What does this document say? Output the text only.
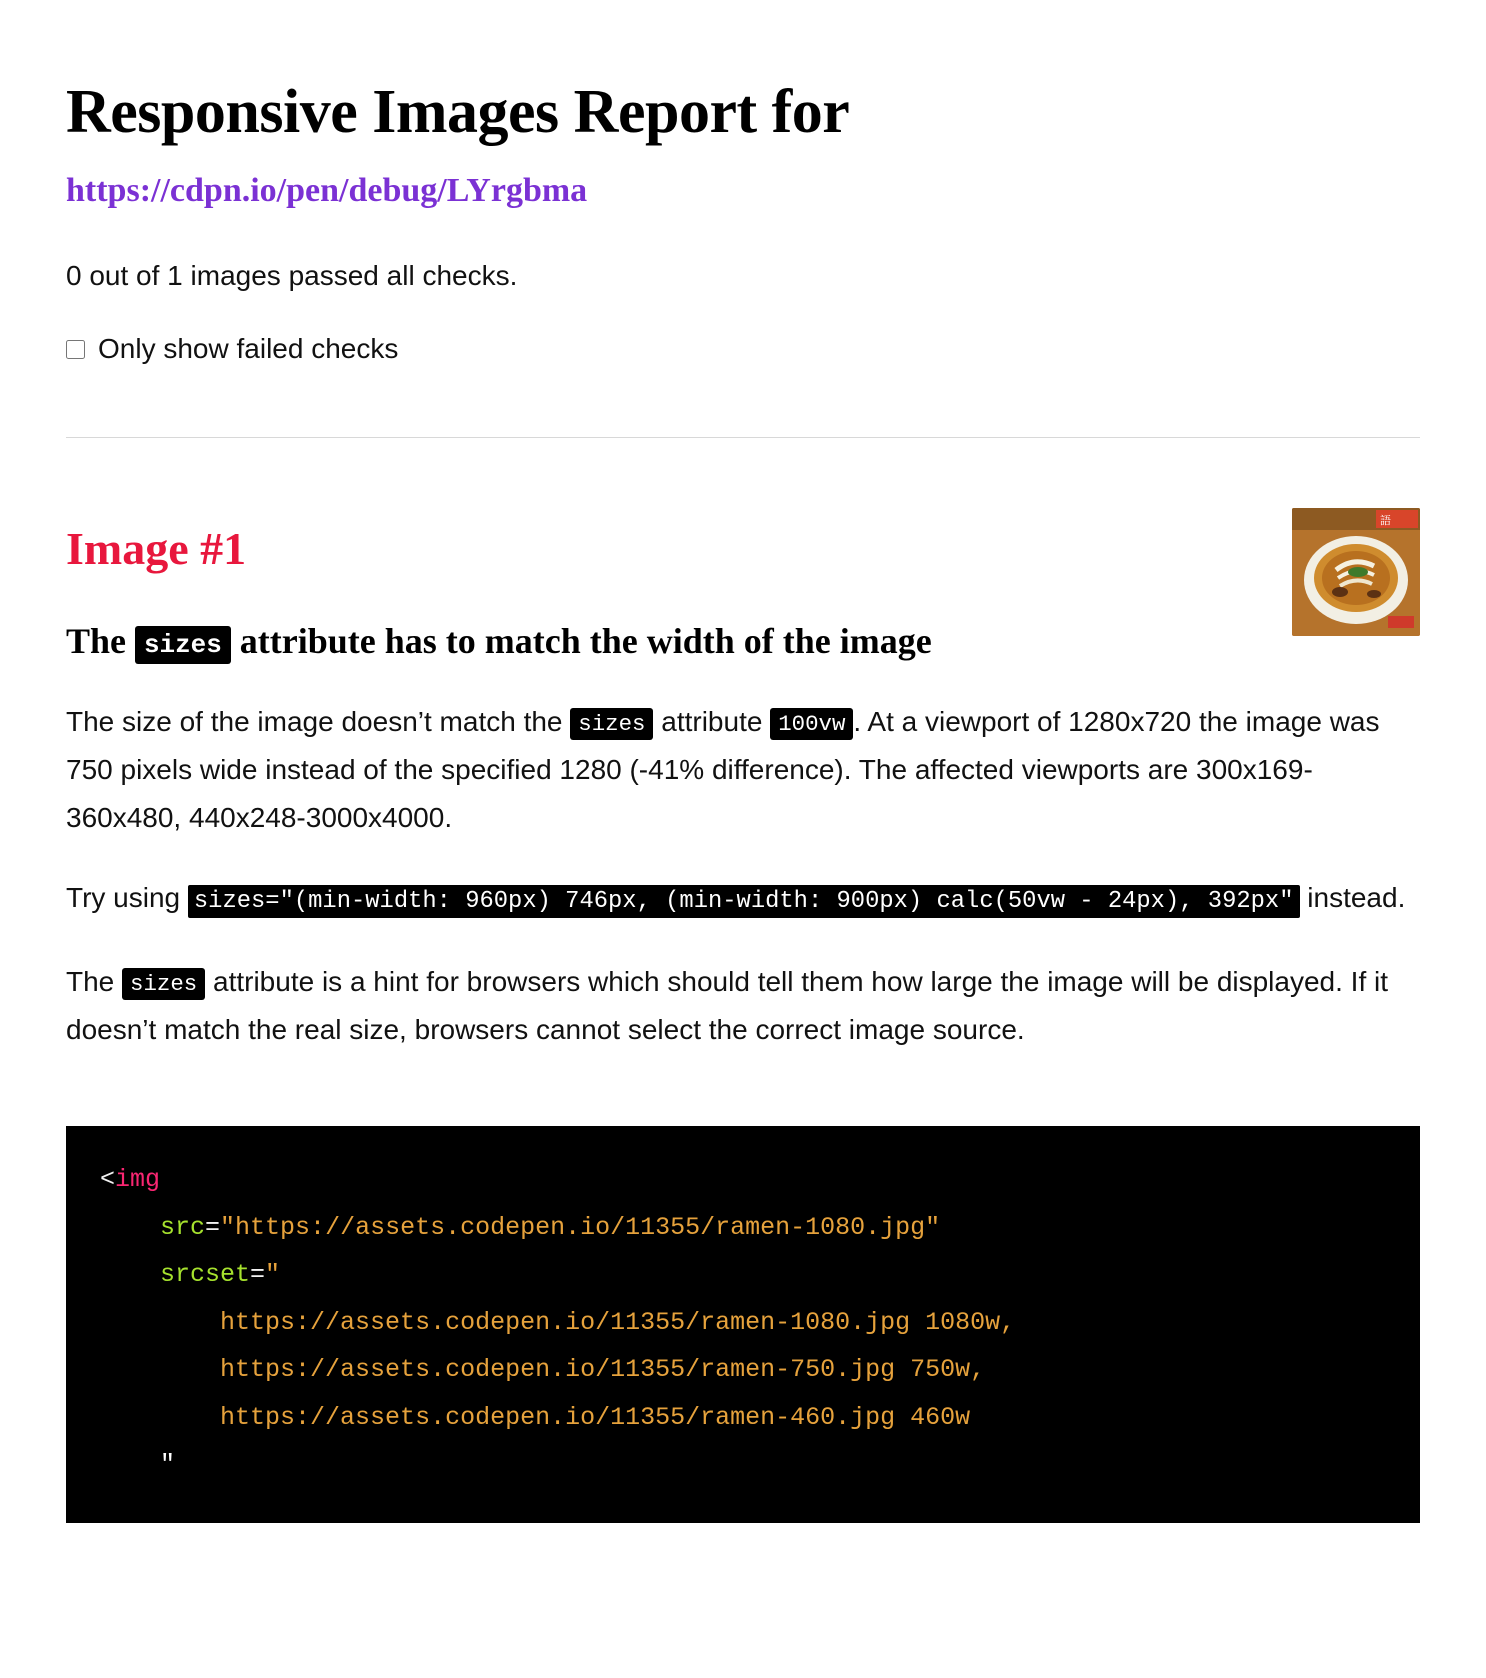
Responsive Images Report for
https://cdpn.io/pen/debug/LYrgbma

0 out of 1 images passed all checks.

Only show failed checks
語
Image #1
The sizes attribute has to match the width of the image

The size of the image doesn’t match the sizes attribute 100vw . At a viewport of 1280x720 the image was 750 pixels wide instead of the specified 1280 (-41% difference). The affected viewports are 300x169-360x480, 440x248-3000x4000.

Try using sizes="(min-width: 960px) 746px, (min-width: 900px) calc(50vw - 24px), 392px" instead.

The sizes attribute is a hint for browsers which should tell them how large the image will be displayed. If it doesn’t match the real size, browsers cannot select the correct image source.

<img
src="https://assets.codepen.io/11355/ramen-1080.jpg"
srcset="
https://assets.codepen.io/11355/ramen-1080.jpg 1080w,
https://assets.codepen.io/11355/ramen-750.jpg 750w,
https://assets.codepen.io/11355/ramen-460.jpg 460w
"
